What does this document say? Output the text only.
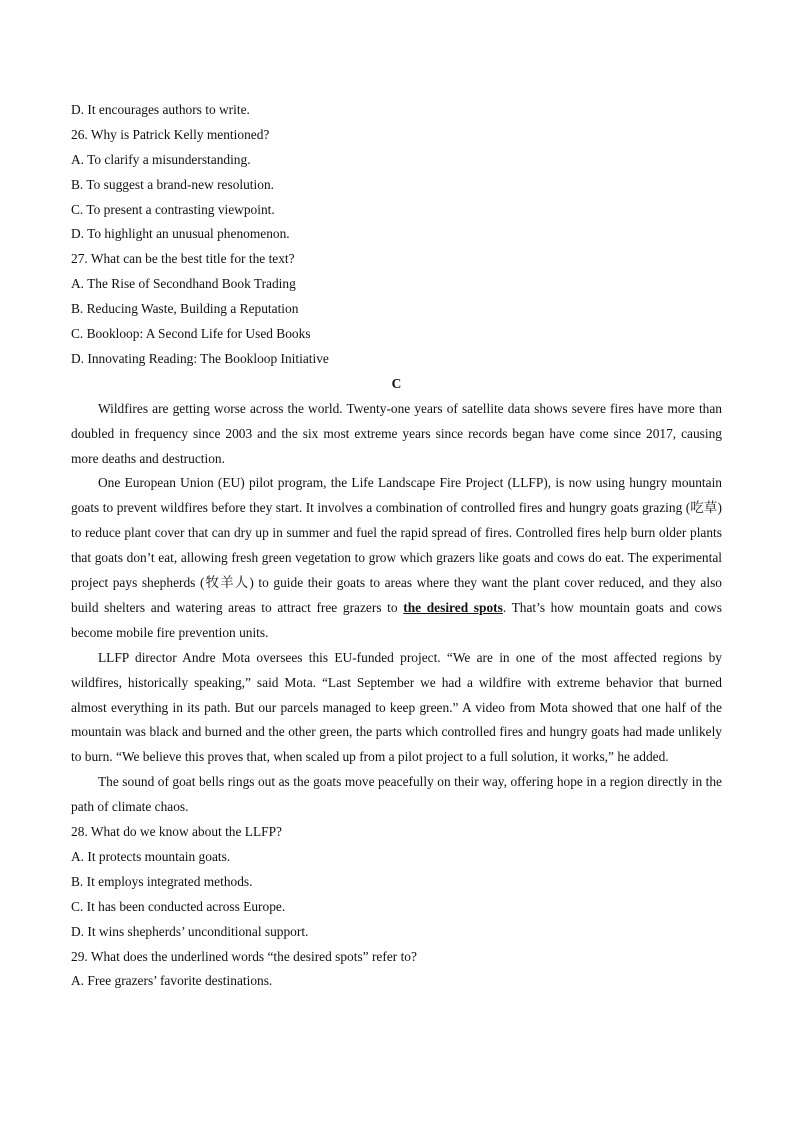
D. It encourages authors to write.
26. Why is Patrick Kelly mentioned?
A. To clarify a misunderstanding.
B. To suggest a brand-new resolution.
C. To present a contrasting viewpoint.
D. To highlight an unusual phenomenon.
27. What can be the best title for the text?
A. The Rise of Secondhand Book Trading
B. Reducing Waste, Building a Reputation
C. Bookloop: A Second Life for Used Books
D. Innovating Reading: The Bookloop Initiative
C

Wildfires are getting worse across the world. Twenty-one years of satellite data shows severe fires have more than doubled in frequency since 2003 and the six most extreme years since records began have come since 2017, causing more deaths and destruction.

One European Union (EU) pilot program, the Life Landscape Fire Project (LLFP), is now using hungry mountain goats to prevent wildfires before they start. It involves a combination of controlled fires and hungry goats grazing (吃草) to reduce plant cover that can dry up in summer and fuel the rapid spread of fires. Controlled fires help burn older plants that goats don’t eat, allowing fresh green vegetation to grow which grazers like goats and cows do eat. The experimental project pays shepherds (牧羊人) to guide their goats to areas where they want the plant cover reduced, and they also build shelters and watering areas to attract free grazers to the desired spots. That’s how mountain goats and cows become mobile fire prevention units.

LLFP director Andre Mota oversees this EU-funded project. “We are in one of the most affected regions by wildfires, historically speaking,” said Mota. “Last September we had a wildfire with extreme behavior that burned almost everything in its path. But our parcels managed to keep green.” A video from Mota showed that one half of the mountain was black and burned and the other green, the parts which controlled fires and hungry goats had made unlikely to burn. “We believe this proves that, when scaled up from a pilot project to a full solution, it works,” he added.

The sound of goat bells rings out as the goats move peacefully on their way, offering hope in a region directly in the path of climate chaos.

28. What do we know about the LLFP?
A. It protects mountain goats.
B. It employs integrated methods.
C. It has been conducted across Europe.
D. It wins shepherds’ unconditional support.
29. What does the underlined words “the desired spots” refer to?
A. Free grazers’ favorite destinations.
